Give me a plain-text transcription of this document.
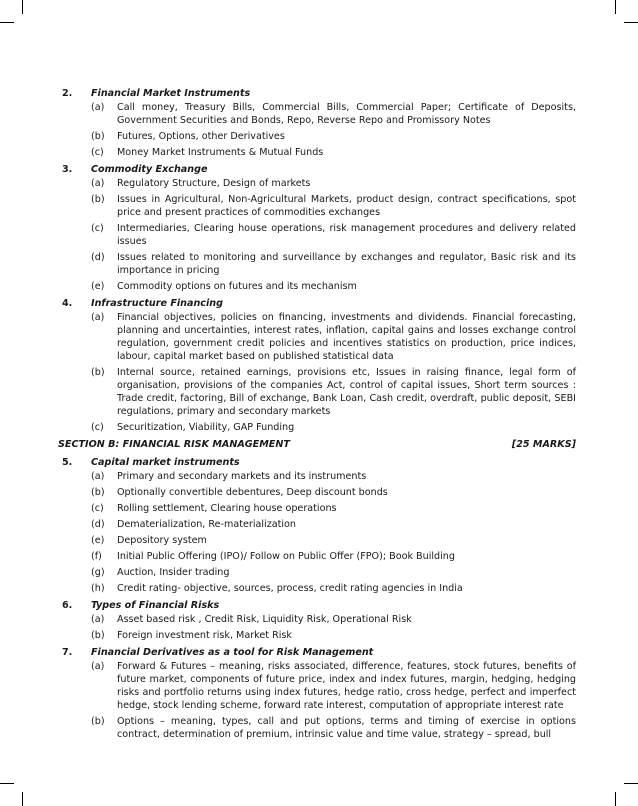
2.	Financial Market Instruments
(a)	Call money, Treasury Bills, Commercial Bills, Commercial Paper; Certificate of Deposits, Government Securities and Bonds, Repo, Reverse Repo and Promissory Notes
(b)	Futures, Options, other Derivatives
(c)	Money Market Instruments & Mutual Funds
3.	Commodity Exchange
(a)	Regulatory Structure, Design of markets
(b)	Issues in Agricultural, Non-Agricultural Markets, product design, contract specifications, spot price and present practices of commodities exchanges
(c)	Intermediaries, Clearing house operations, risk management procedures and delivery related issues
(d)	Issues related to monitoring and surveillance by exchanges and regulator, Basic risk and its importance in pricing
(e)	Commodity options on futures and its mechanism
4.	Infrastructure Financing
(a)	Financial objectives, policies on financing, investments and dividends. Financial forecasting, planning and uncertainties, interest rates, inflation, capital gains and losses exchange control regulation, government credit policies and incentives statistics on production, price indices, labour, capital market based on published statistical data
(b)	Internal source, retained earnings, provisions etc, Issues in raising finance, legal form of organisation, provisions of the companies Act, control of capital issues, Short term sources : Trade credit, factoring, Bill of exchange, Bank Loan, Cash credit, overdraft, public deposit, SEBI regulations, primary and secondary markets
(c)	Securitization, Viability, GAP Funding
SECTION B: FINANCIAL RISK MANAGEMENT	[25 MARKS]
5.	Capital market instruments
(a)	Primary and secondary markets and its instruments
(b)	Optionally convertible debentures, Deep discount bonds
(c)	Rolling settlement, Clearing house operations
(d)	Dematerialization, Re-materialization
(e)	Depository system
(f)	Initial Public Offering (IPO)/ Follow on Public Offer (FPO); Book Building
(g)	Auction, Insider trading
(h)	Credit rating- objective, sources, process, credit rating agencies in India
6.	Types of Financial Risks
(a)	Asset based risk , Credit Risk, Liquidity Risk, Operational Risk
(b)	Foreign investment risk, Market Risk
7.	Financial Derivatives as a tool for Risk Management
(a)	Forward & Futures – meaning, risks associated, difference, features, stock futures, benefits of future market, components of future price, index and index futures, margin, hedging, hedging risks and portfolio returns using index futures, hedge ratio, cross hedge, perfect and imperfect hedge, stock lending scheme, forward rate interest, computation of appropriate interest rate
(b)	Options – meaning, types, call and put options, terms and timing of exercise in options contract, determination of premium, intrinsic value and time value, strategy – spread, bull
